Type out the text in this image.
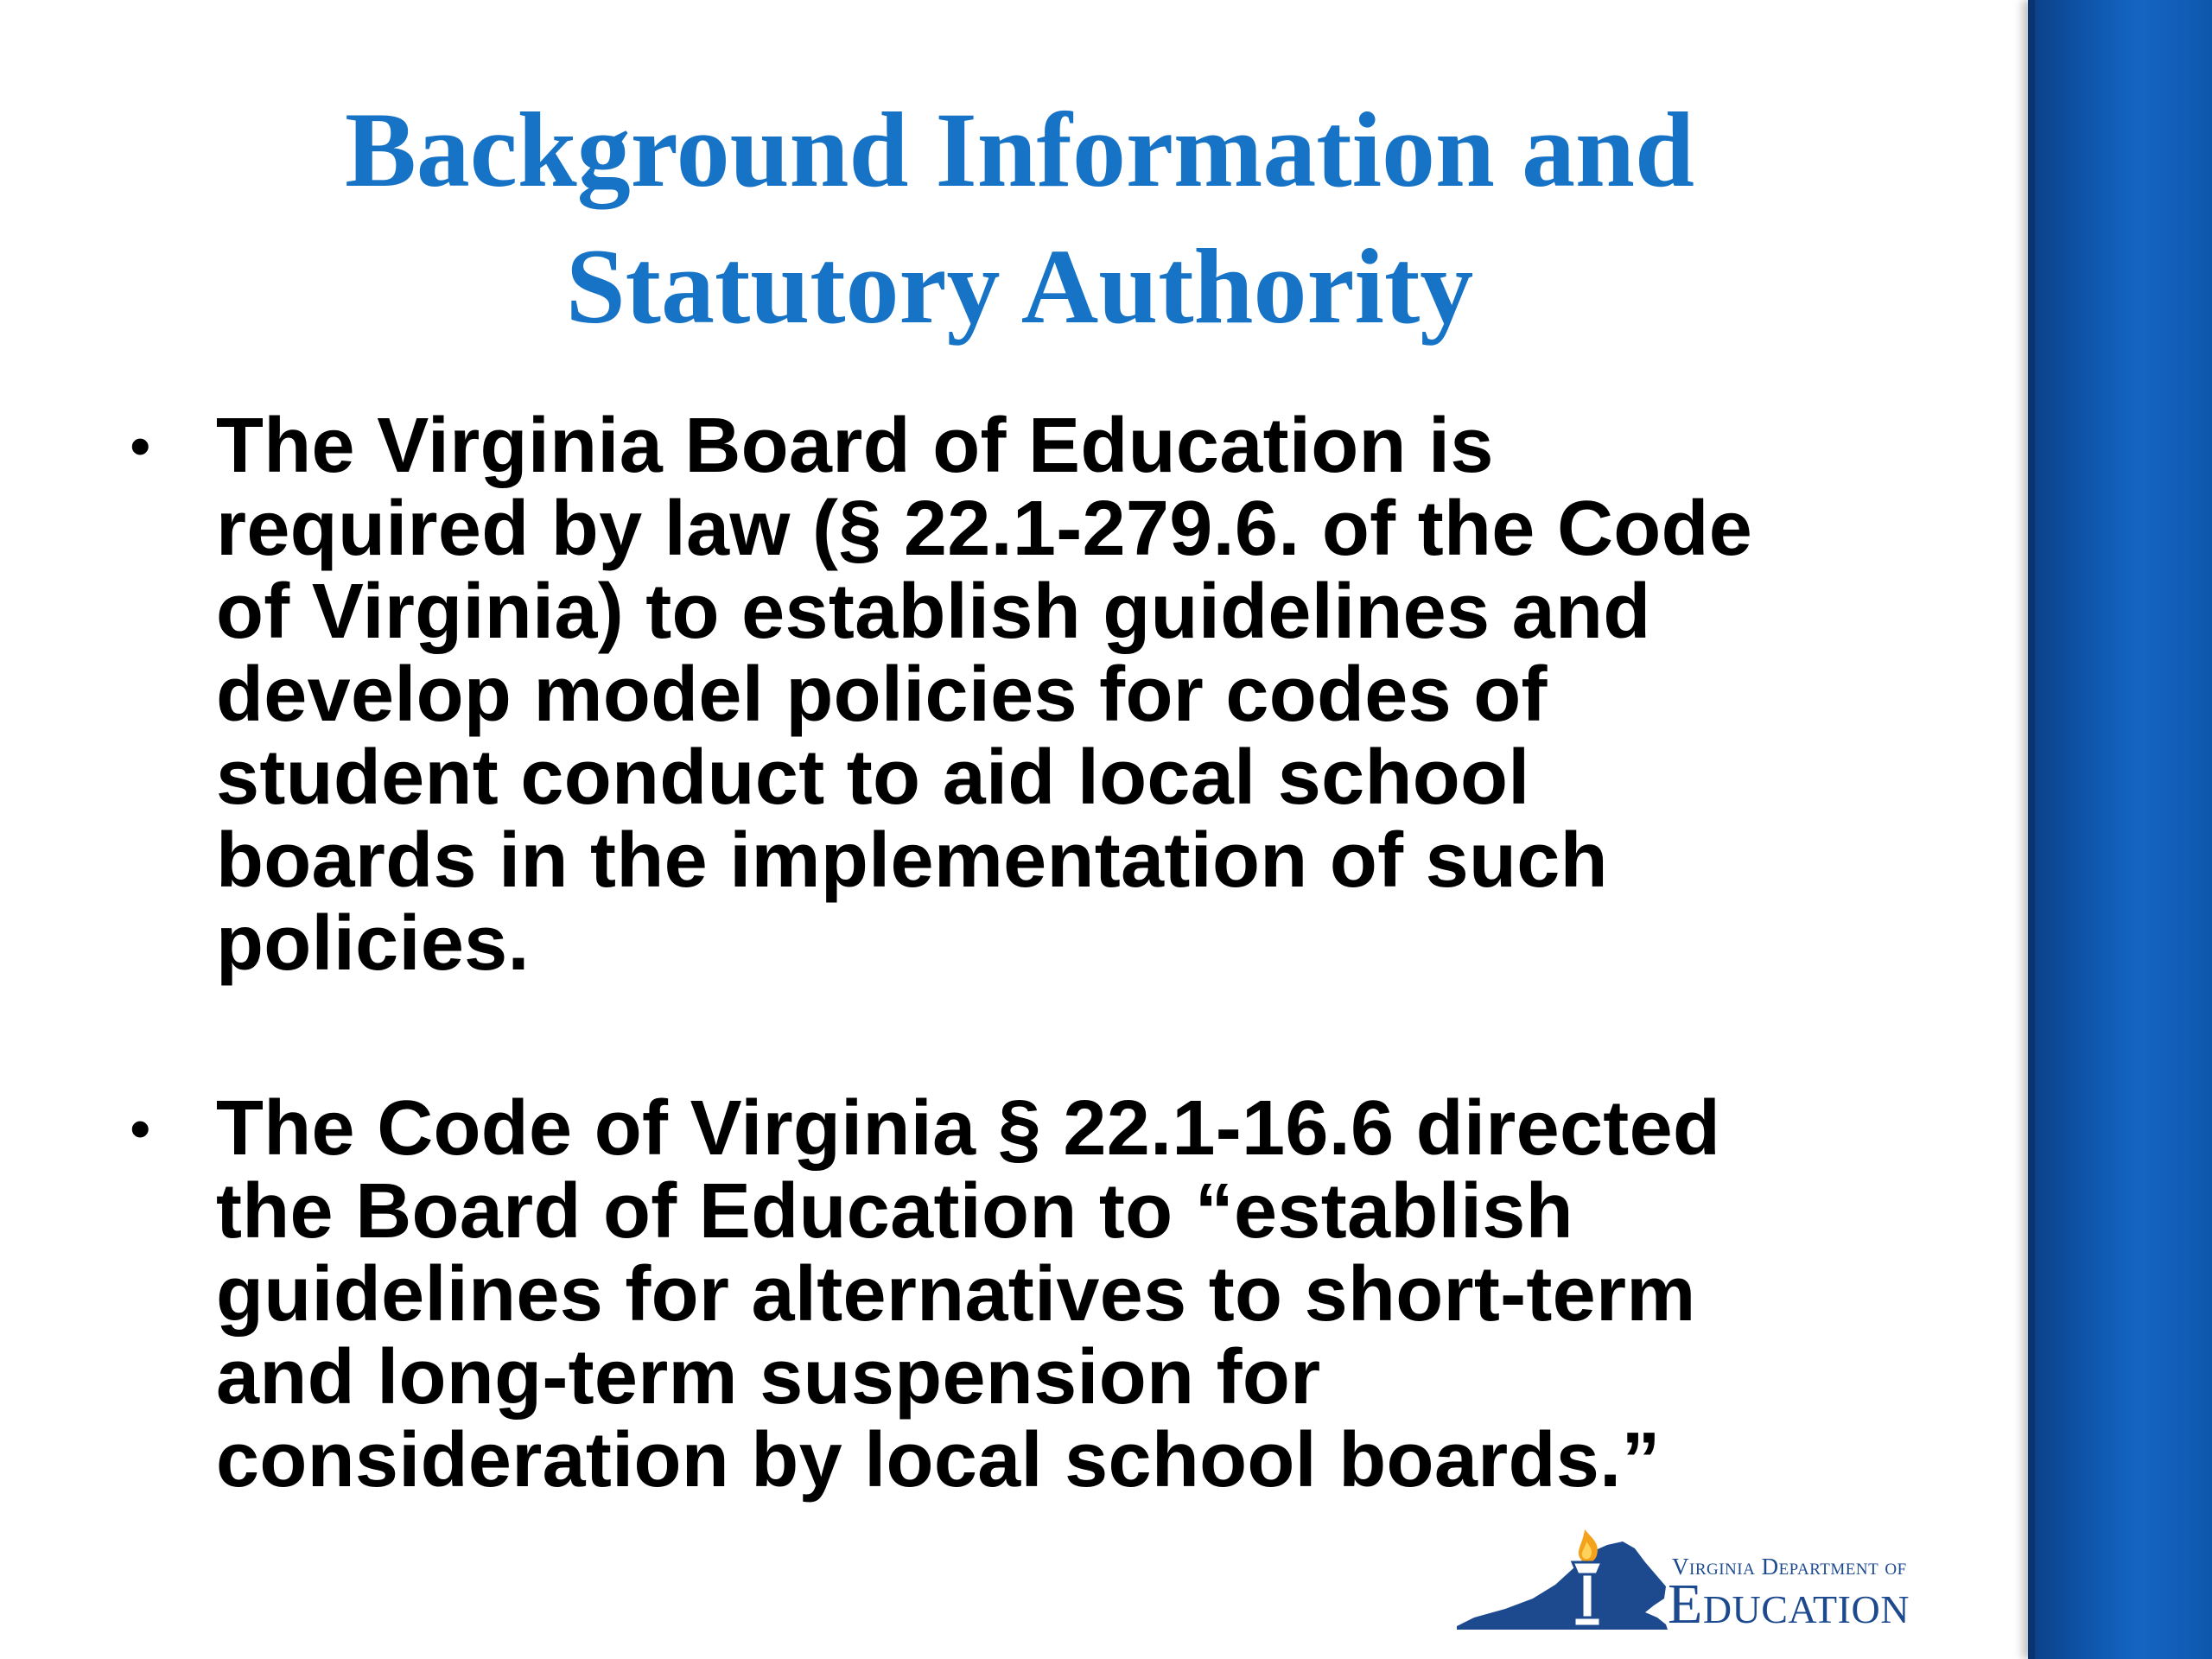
Background Information and
Statutory Authority
• The Virginia Board of Education is
required by law (§ 22.1-279.6. of the Code
of Virginia) to establish guidelines and
develop model policies for codes of
student conduct to aid local school
boards in the implementation of such
policies.
• The Code of Virginia § 22.1-16.6 directed
the Board of Education to “establish
guidelines for alternatives to short-term
and long-term suspension for
consideration by local school boards.”
Virginia Department of
Education
